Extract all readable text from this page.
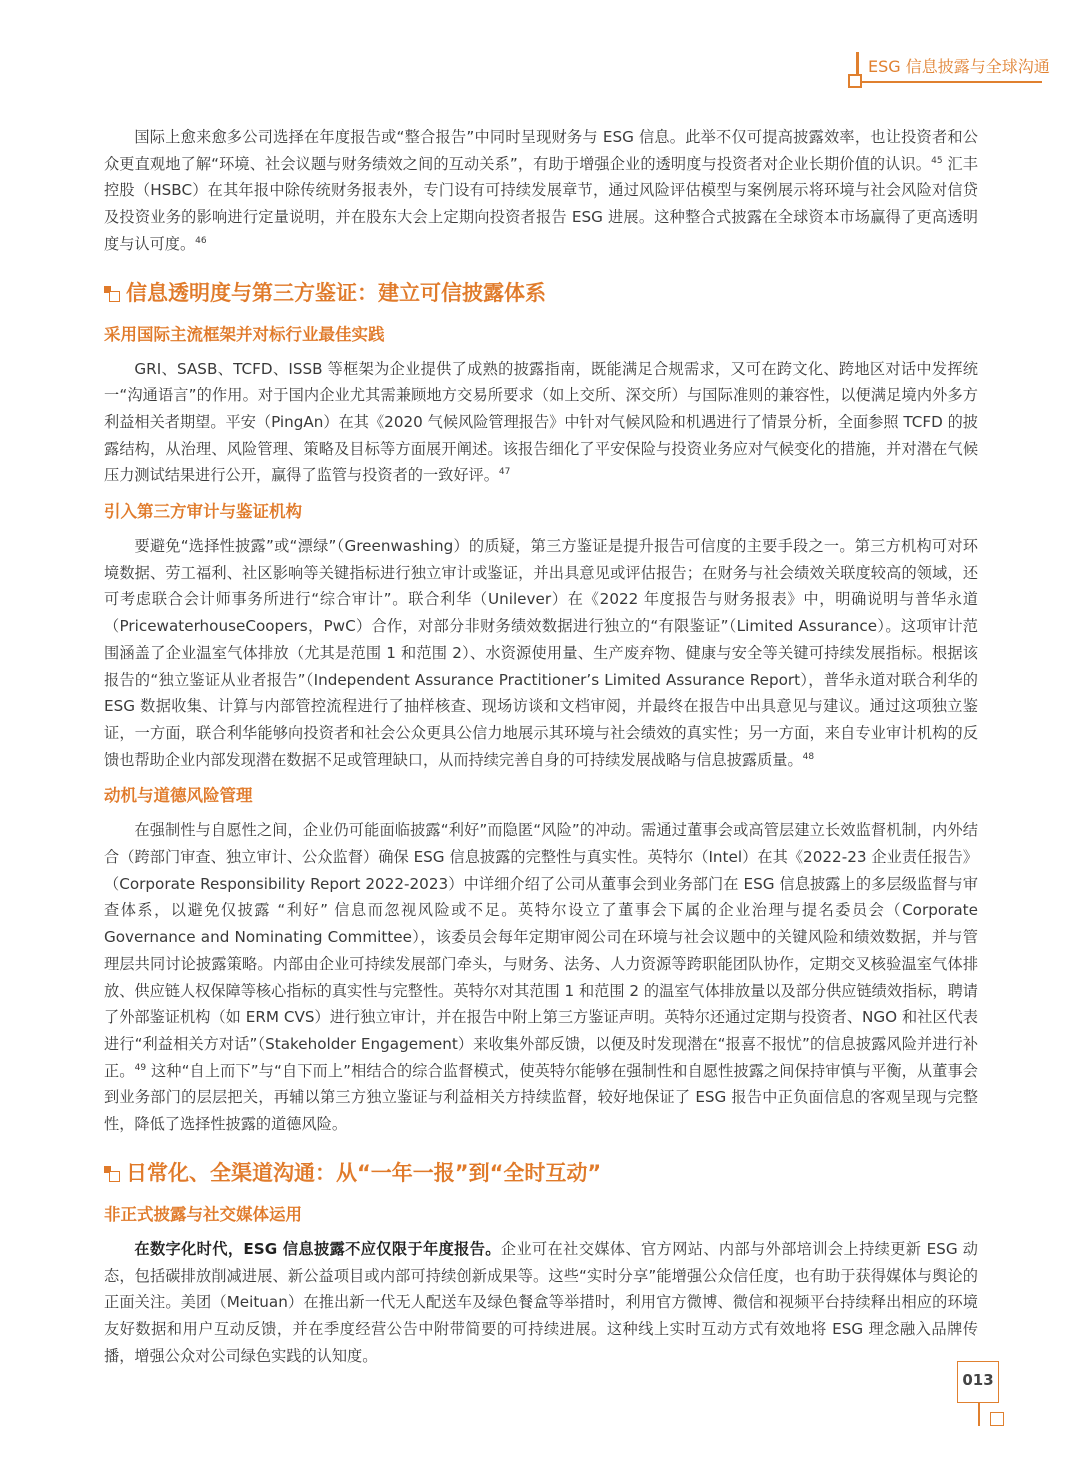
ESG 信息披露与全球沟通

国际上愈来愈多公司选择在年度报告或“整合报告”中同时呈现财务与 ESG 信息。此举不仅可提高披露效率，也让投资者和公众更直观地了解“环境、社会议题与财务绩效之间的互动关系”，有助于增强企业的透明度与投资者对企业长期价值的认识。$^{45}$ 汇丰控股（HSBC）在其年报中除传统财务报表外，专门设有可持续发展章节，通过风险评估模型与案例展示将环境与社会风险对信贷及投资业务的影响进行定量说明，并在股东大会上定期向投资者报告 ESG 进展。这种整合式披露在全球资本市场赢得了更高透明度与认可度。$^{46}$

信息透明度与第三方鉴证：建立可信披露体系
采用国际主流框架并对标行业最佳实践

GRI、SASB、TCFD、ISSB 等框架为企业提供了成熟的披露指南，既能满足合规需求，又可在跨文化、跨地区对话中发挥统一“沟通语言”的作用。对于国内企业尤其需兼顾地方交易所要求（如上交所、深交所）与国际准则的兼容性，以便满足境内外多方利益相关者期望。平安（PingAn）在其《2020 气候风险管理报告》中针对气候风险和机遇进行了情景分析，全面参照 TCFD 的披露结构，从治理、风险管理、策略及目标等方面展开阐述。该报告细化了平安保险与投资业务应对气候变化的措施，并对潜在气候压力测试结果进行公开，赢得了监管与投资者的一致好评。$^{47}$

引入第三方审计与鉴证机构

要避免“选择性披露”或“漂绿”（Greenwashing）的质疑，第三方鉴证是提升报告可信度的主要手段之一。第三方机构可对环境数据、劳工福利、社区影响等关键指标进行独立审计或鉴证，并出具意见或评估报告；在财务与社会绩效关联度较高的领域，还可考虑联合会计师事务所进行“综合审计”。联合利华（Unilever）在《2022 年度报告与财务报表》中，明确说明与普华永道（PricewaterhouseCoopers，PwC）合作，对部分非财务绩效数据进行独立的“有限鉴证”（Limited Assurance）。这项审计范围涵盖了企业温室气体排放（尤其是范围 1 和范围 2）、水资源使用量、生产废弃物、健康与安全等关键可持续发展指标。根据该报告的“独立鉴证从业者报告”（Independent Assurance Practitioner’s Limited Assurance Report），普华永道对联合利华的 ESG 数据收集、计算与内部管控流程进行了抽样核查、现场访谈和文档审阅，并最终在报告中出具意见与建议。通过这项独立鉴证，一方面，联合利华能够向投资者和社会公众更具公信力地展示其环境与社会绩效的真实性；另一方面，来自专业审计机构的反馈也帮助企业内部发现潜在数据不足或管理缺口，从而持续完善自身的可持续发展战略与信息披露质量。$^{48}$

动机与道德风险管理

在强制性与自愿性之间，企业仍可能面临披露“利好”而隐匿“风险”的冲动。需通过董事会或高管层建立长效监督机制，内外结合（跨部门审查、独立审计、公众监督）确保 ESG 信息披露的完整性与真实性。英特尔（Intel）在其《2022-23 企业责任报告》（Corporate Responsibility Report 2022-2023）中详细介绍了公司从董事会到业务部门在 ESG 信息披露上的多层级监督与审查体系，以避免仅披露 “利好” 信息而忽视风险或不足。英特尔设立了董事会下属的企业治理与提名委员会（Corporate Governance and Nominating Committee），该委员会每年定期审阅公司在环境与社会议题中的关键风险和绩效数据，并与管理层共同讨论披露策略。内部由企业可持续发展部门牵头，与财务、法务、人力资源等跨职能团队协作，定期交叉核验温室气体排放、供应链人权保障等核心指标的真实性与完整性。英特尔对其范围 1 和范围 2 的温室气体排放量以及部分供应链绩效指标，聘请了外部鉴证机构（如 ERM CVS）进行独立审计，并在报告中附上第三方鉴证声明。英特尔还通过定期与投资者、NGO 和社区代表进行“利益相关方对话”（Stakeholder Engagement）来收集外部反馈，以便及时发现潜在“报喜不报忧”的信息披露风险并进行补正。$^{49}$ 这种“自上而下”与“自下而上”相结合的综合监督模式，使英特尔能够在强制性和自愿性披露之间保持审慎与平衡，从董事会到业务部门的层层把关，再辅以第三方独立鉴证与利益相关方持续监督，较好地保证了 ESG 报告中正负面信息的客观呈现与完整性，降低了选择性披露的道德风险。

日常化、全渠道沟通：从“一年一报”到“全时互动”
非正式披露与社交媒体运用

在数字化时代，ESG 信息披露不应仅限于年度报告。企业可在社交媒体、官方网站、内部与外部培训会上持续更新 ESG 动态，包括碳排放削减进展、新公益项目或内部可持续创新成果等。这些“实时分享”能增强公众信任度，也有助于获得媒体与舆论的正面关注。美团（Meituan）在推出新一代无人配送车及绿色餐盒等举措时，利用官方微博、微信和视频平台持续释出相应的环境友好数据和用户互动反馈，并在季度经营公告中附带简要的可持续进展。这种线上实时互动方式有效地将 ESG 理念融入品牌传播，增强公众对公司绿色实践的认知度。

013
